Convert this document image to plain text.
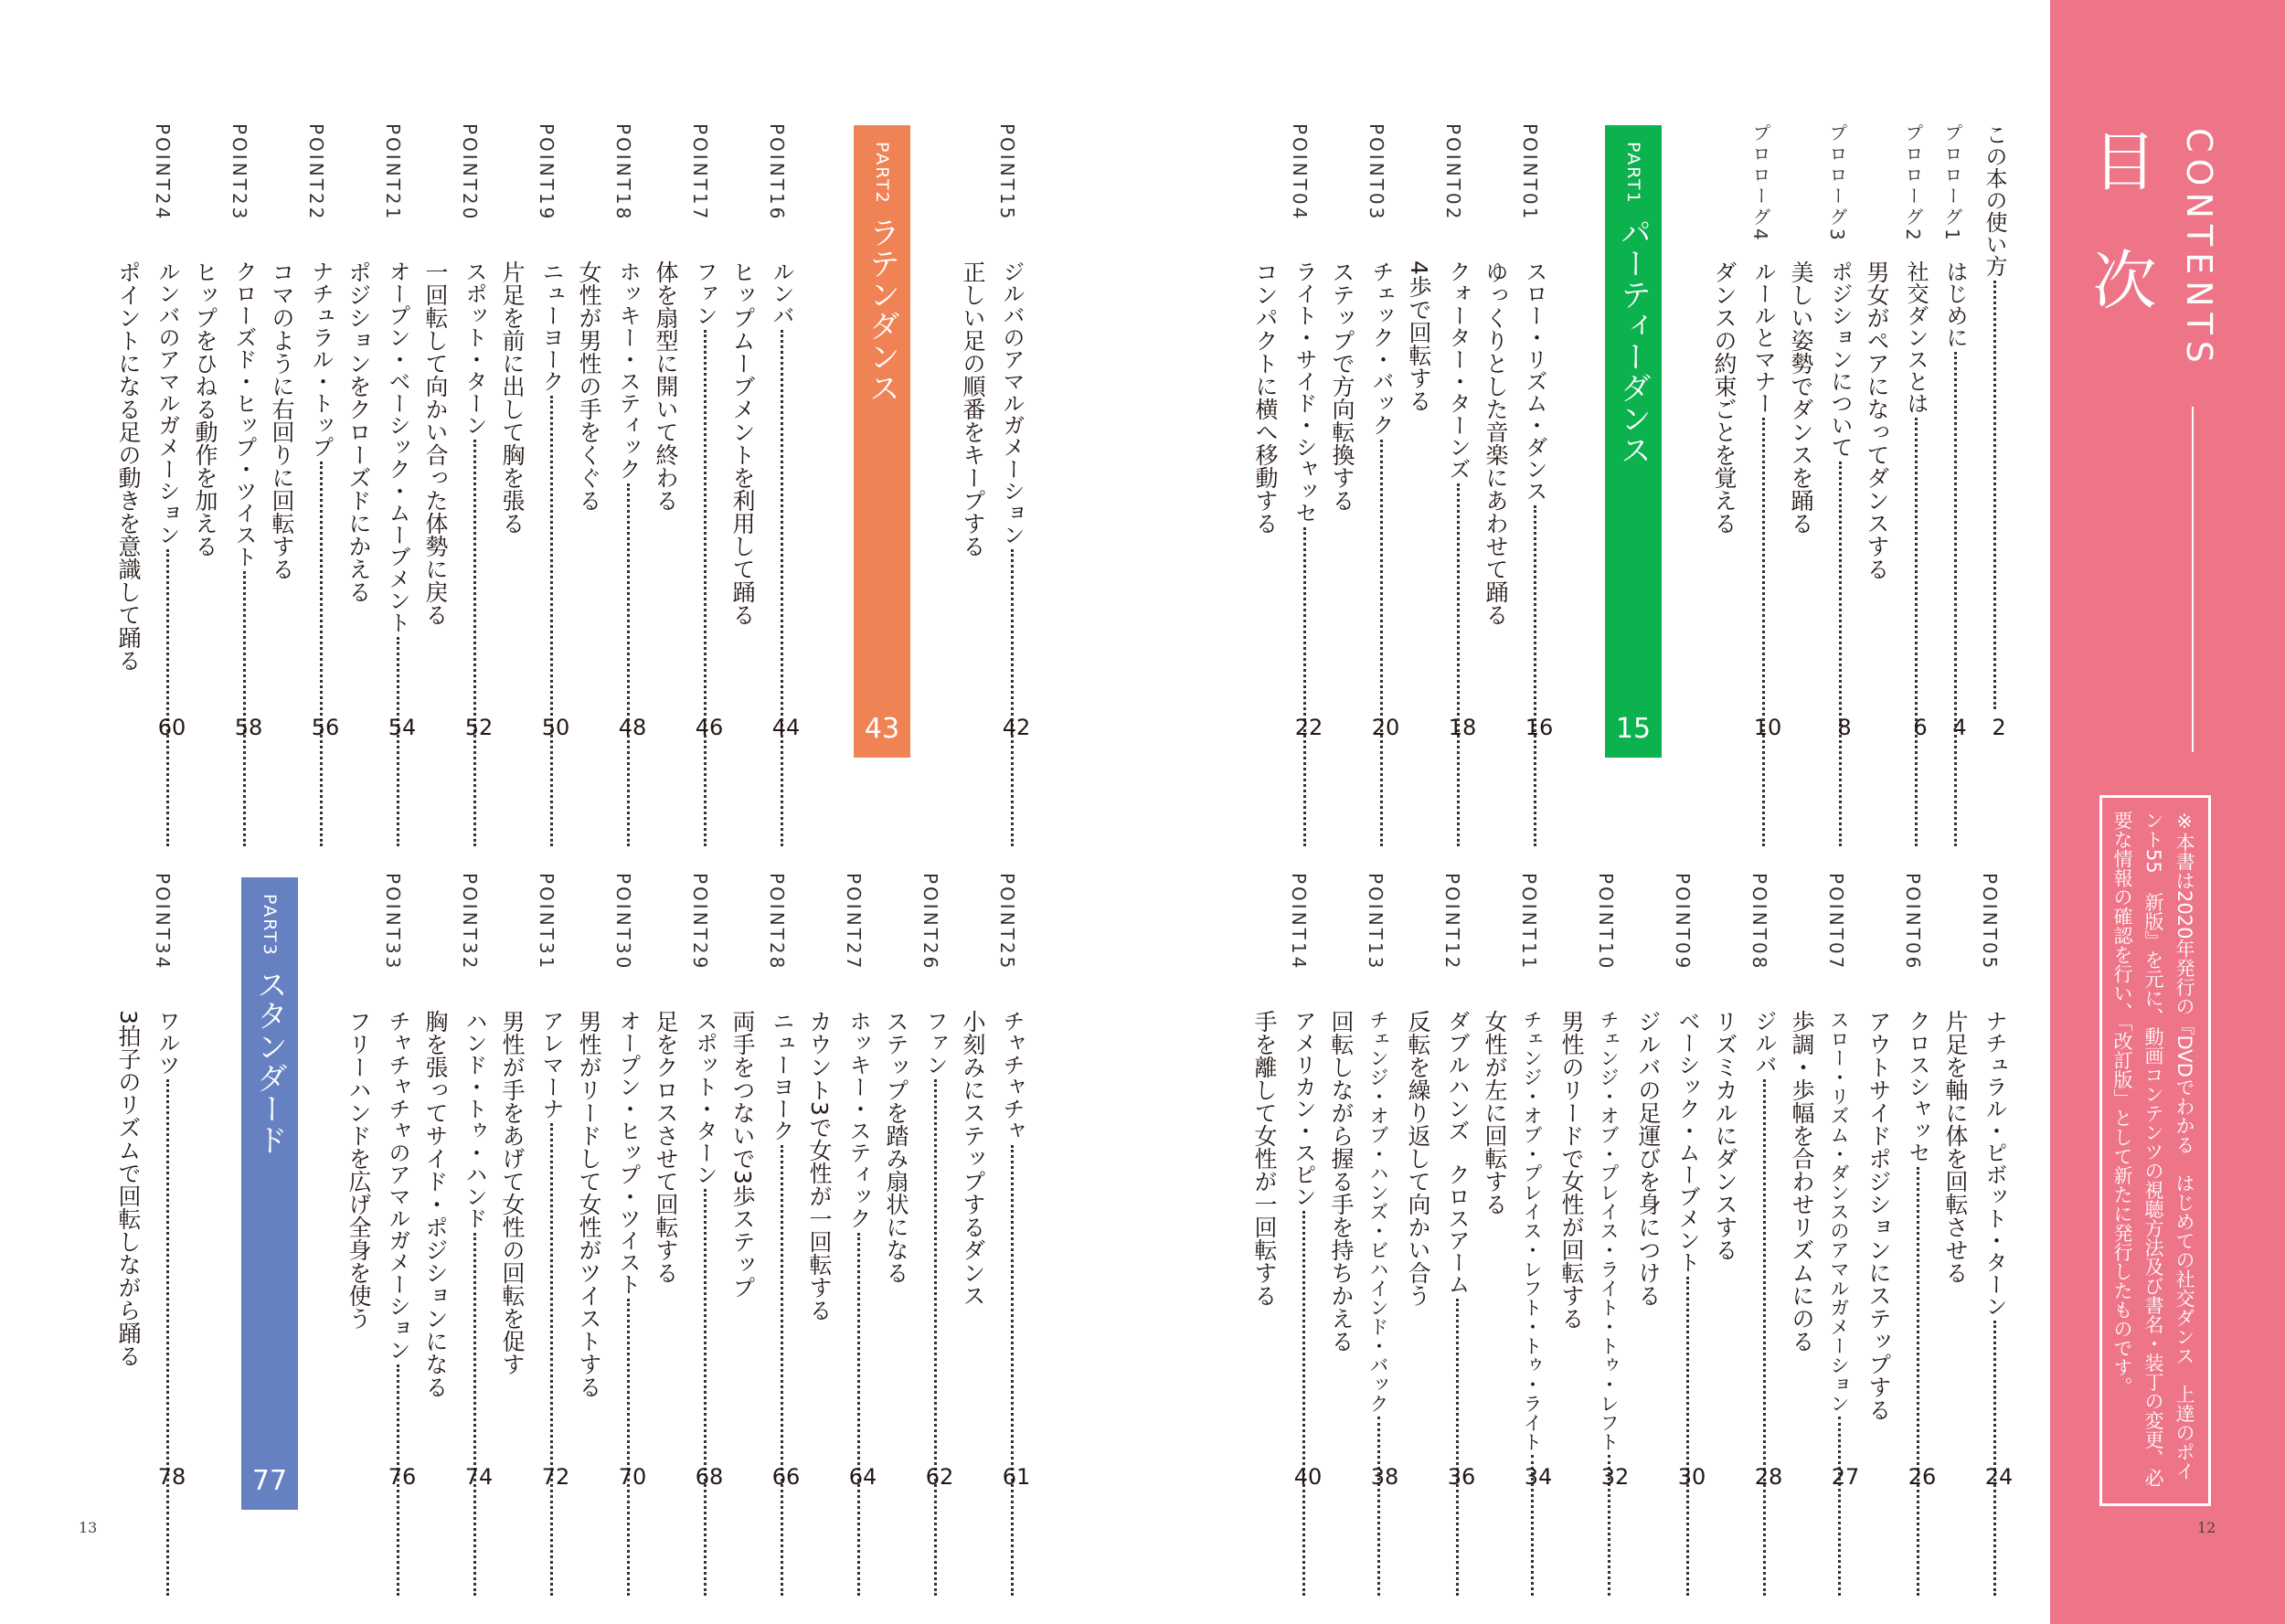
CONTENTS
目次
※本書は2020年発行の『DVDでわかる　はじめての社交ダンス　上達のポイント55　新版』を元に、動画コンテンツの視聴方法及び書名・装丁の変更、必要な情報の確認を行い、「改訂版」として新たに発行したものです。
12
13
この本の使い方
2
プロローグ1
はじめに
4
プロローグ2
社交ダンスとは
男女がペアになってダンスする
6
プロローグ3
ポジションについて
美しい姿勢でダンスを踊る
8
プロローグ4
ルールとマナー
ダンスの約束ごとを覚える
10
PART1
パーティーダンス
15
POINT01
スロー・リズム・ダンス
ゆっくりとした音楽にあわせて踊る
16
POINT02
クォーター・ターンズ
4歩で回転する
18
POINT03
チェック・バック
ステップで方向転換する
20
POINT04
ライト・サイド・シャッセ
コンパクトに横へ移動する
22
POINT05
ナチュラル・ピボット・ターン
片足を軸に体を回転させる
24
POINT06
クロスシャッセ
アウトサイドポジションにステップする
26
POINT07
スロー・リズム・ダンスのアマルガメーション
歩調・歩幅を合わせリズムにのる
27
POINT08
ジルバ
リズミカルにダンスする
28
POINT09
ベーシック・ムーブメント
ジルバの足運びを身につける
30
POINT10
チェンジ・オブ・プレイス・ライト・トゥ・レフト
男性のリードで女性が回転する
32
POINT11
チェンジ・オブ・プレイス・レフト・トゥ・ライト
女性が左に回転する
34
POINT12
ダブルハンズ　クロスアーム
反転を繰り返して向かい合う
36
POINT13
チェンジ・オブ・ハンズ・ビハインド・バック
回転しながら握る手を持ちかえる
38
POINT14
アメリカン・スピン
手を離して女性が一回転する
40
POINT15
ジルバのアマルガメーション
正しい足の順番をキープする
42
PART2
ラテンダンス
43
POINT16
ルンバ
ヒップムーブメントを利用して踊る
44
POINT17
ファン
体を扇型に開いて終わる
46
POINT18
ホッキー・スティック
女性が男性の手をくぐる
48
POINT19
ニューヨーク
片足を前に出して胸を張る
50
POINT20
スポット・ターン
一回転して向かい合った体勢に戻る
52
POINT21
オープン・ベーシック・ムーブメント
ポジションをクローズドにかえる
54
POINT22
ナチュラル・トップ
コマのように右回りに回転する
56
POINT23
クローズド・ヒップ・ツイスト
ヒップをひねる動作を加える
58
POINT24
ルンバのアマルガメーション
ポイントになる足の動きを意識して踊る
60
POINT25
チャチャチャ
小刻みにステップするダンス
61
POINT26
ファン
ステップを踏み扇状になる
62
POINT27
ホッキー・スティック
カウント3で女性が一回転する
64
POINT28
ニューヨーク
両手をつないで3歩ステップ
66
POINT29
スポット・ターン
足をクロスさせて回転する
68
POINT30
オープン・ヒップ・ツイスト
男性がリードして女性がツイストする
70
POINT31
アレマーナ
男性が手をあげて女性の回転を促す
72
POINT32
ハンド・トゥ・ハンド
胸を張ってサイド・ポジションになる
74
POINT33
チャチャチャのアマルガメーション
フリーハンドを広げ全身を使う
76
PART3
スタンダード
77
POINT34
ワルツ
3拍子のリズムで回転しながら踊る
78
